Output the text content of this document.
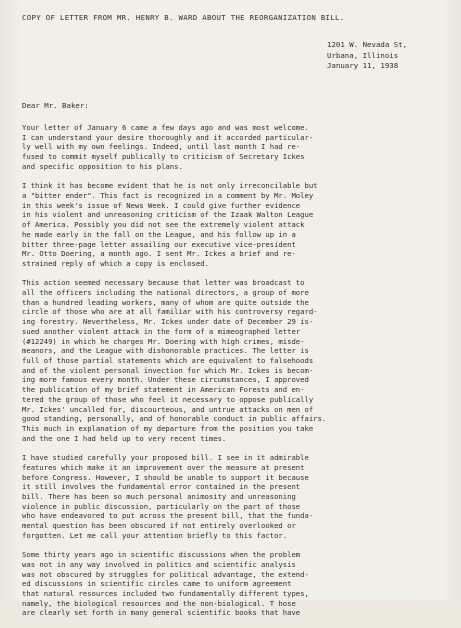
COPY OF LETTER FROM MR. HENRY B. WARD ABOUT THE REORGANIZATION BILL.
1201 W. Nevada St,
Urbana, Illinois
January 11, 1938
Dear Mr. Baker:
Your letter of January 6 came a few days ago and was most welcome.
I can understand your desire thoroughly and it accorded particular-
ly well with my own feelings. Indeed, until last month I had re-
fused to commit myself publically to criticism of Secretary Ickes
and specific opposition to his plans.
I think it has become evident that he is not only irreconcilable but
a "bitter ender". This fact is recognized in a comment by Mr. Moley
in this week's issue of News Week. I could give further evidence
in his violent and unreasoning criticism of the Izaak Walton League
of America. Possibly you did not see the extremely violent attack
he made early in the fall on the League, and his follow up in a
bitter three-page letter assailing our executive vice-president
Mr. Otto Doering, a month ago. I sent Mr. Ickes a brief and re-
strained reply of which a copy is enclosed.
This action seemed necessary because that letter was broadcast to
all the officers including the national directors, a group of more
than a hundred leading workers, many of whom are quite outside the
circle of those who are at all familiar with his controversy regard-
ing forestry. Nevertheless, Mr. Ickes under date of December 29 is-
sued another violent attack in the form of a mimeographed letter
(#12249) in which he charges Mr. Doering with high crimes, misde-
meanors, and the League with dishonorable practices. The letter is
full of those partial statements which are equivalent to falsehoods
and of the violent personal invection for which Mr. Ickes is becom-
ing more famous every month. Under these circumstances, I approved
the publication of my brief statement in American Forests and en-
tered the group of those who feel it necessary to oppose publically
Mr. Ickes' uncalled for, discourteous, and untrue attacks on men of
good standing, personally, and of honorable conduct in public affairs.
This much in explanation of my departure from the position you take
and the one I had held up to very recent times.
I have studied carefully your proposed bill. I see in it admirable
features which make it an improvement over the measure at present
before Congress. However, I should be unable to support it because
it still involves the fundamental error contained in the present
bill. There has been so much personal animosity and unreasoning
violence in public discussion, particularly on the part of those
who have endeavored to put across the present bill, that the funda-
mental question has been obscured if not entirely overlooked or
forgotten. Let me call your attention briefly to this factor.
Some thirty years ago in scientific discussions when the problem
was not in any way involved in politics and scientific analysis
was not obscured by struggles for political advantage, the extend-
ed discussions in scientific circles came to uniform agreement
that natural resources included two fundamentally different types,
namely, the biological resources and the non-biological. T hose
are clearly set forth in many general scientific books that have
